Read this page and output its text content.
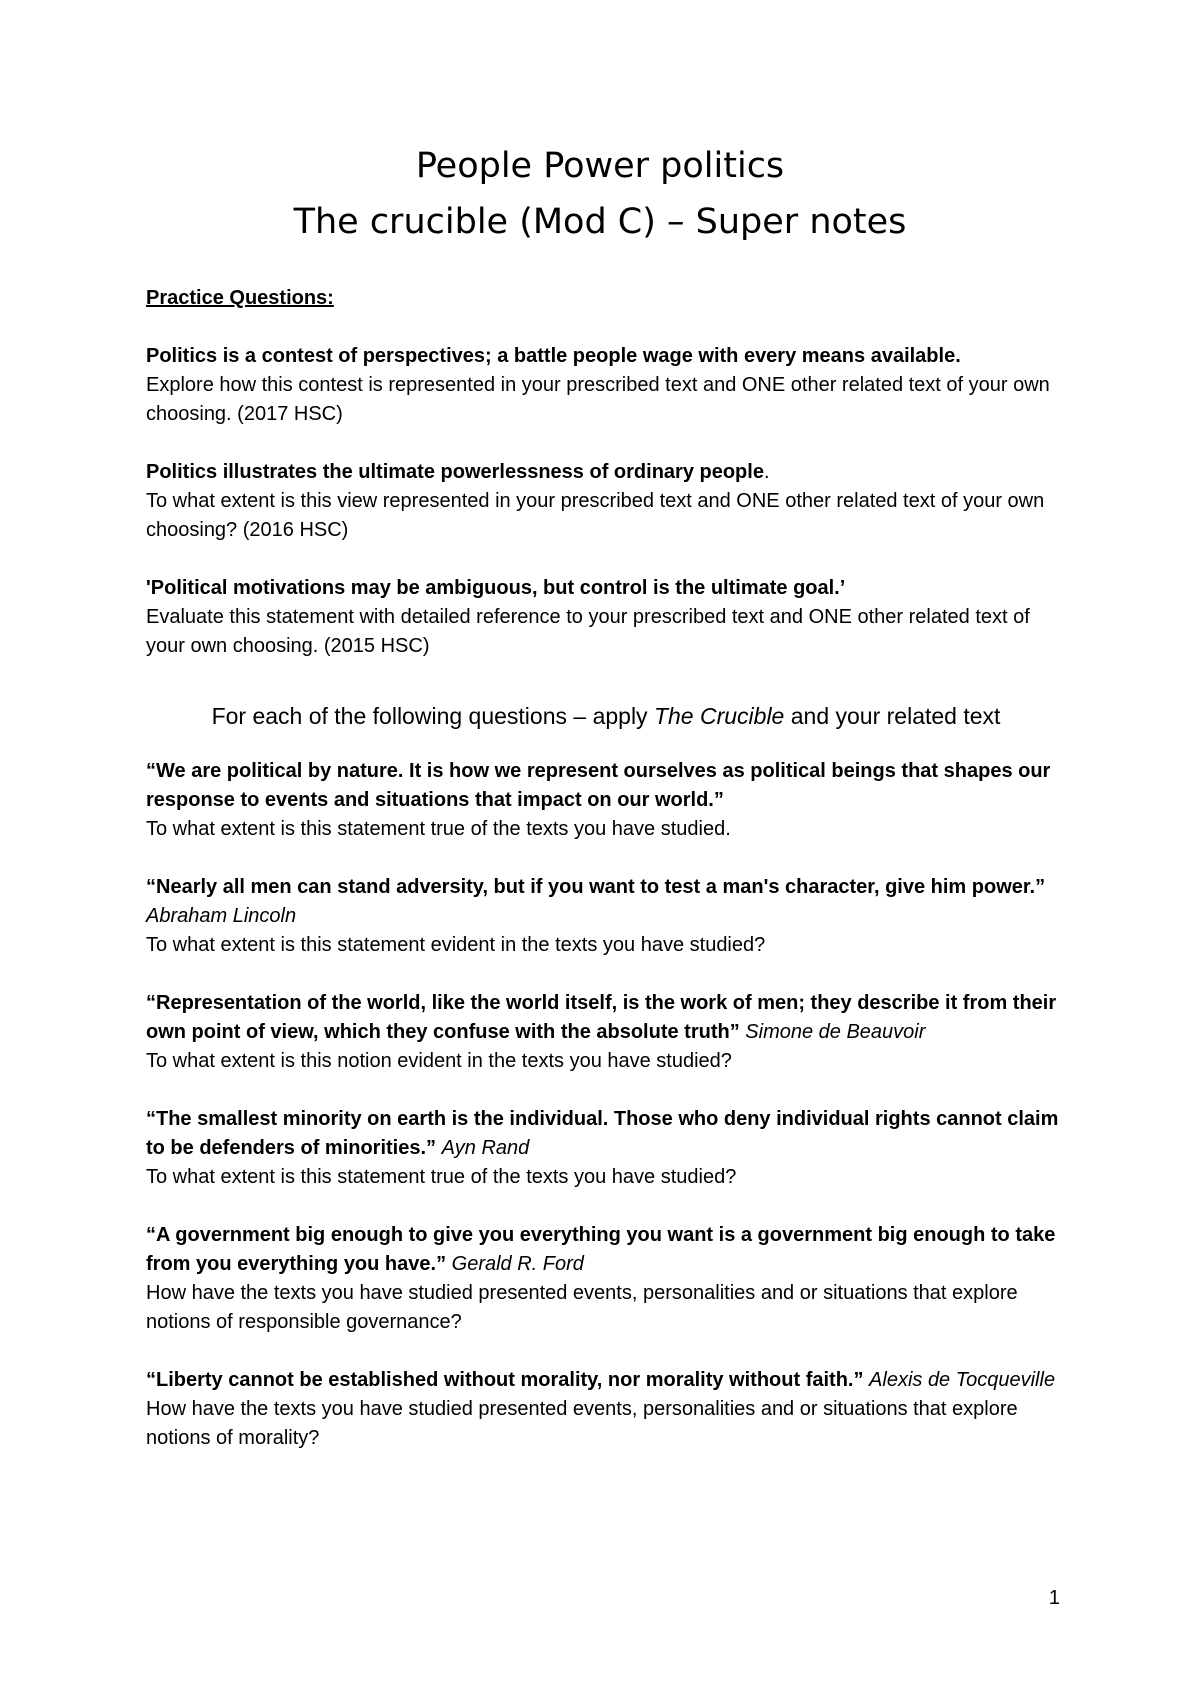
People Power politics
The crucible (Mod C) – Super notes
Practice Questions:
Politics is a contest of perspectives; a battle people wage with every means available.
Explore how this contest is represented in your prescribed text and ONE other related text of your own choosing. (2017 HSC)
Politics illustrates the ultimate powerlessness of ordinary people.
To what extent is this view represented in your prescribed text and ONE other related text of your own choosing? (2016 HSC)
'Political motivations may be ambiguous, but control is the ultimate goal.’
Evaluate this statement with detailed reference to your prescribed text and ONE other related text of your own choosing. (2015 HSC)
For each of the following questions – apply The Crucible and your related text
“We are political by nature. It is how we represent ourselves as political beings that shapes our response to events and situations that impact on our world.”
To what extent is this statement true of the texts you have studied.
“Nearly all men can stand adversity, but if you want to test a man's character, give him power.” Abraham Lincoln
To what extent is this statement evident in the texts you have studied?
“Representation of the world, like the world itself, is the work of men; they describe it from their own point of view, which they confuse with the absolute truth” Simone de Beauvoir
To what extent is this notion evident in the texts you have studied?
“The smallest minority on earth is the individual. Those who deny individual rights cannot claim to be defenders of minorities.” Ayn Rand
To what extent is this statement true of the texts you have studied?
“A government big enough to give you everything you want is a government big enough to take from you everything you have.” Gerald R. Ford
How have the texts you have studied presented events, personalities and or situations that explore notions of responsible governance?
“Liberty cannot be established without morality, nor morality without faith.” Alexis de Tocqueville
How have the texts you have studied presented events, personalities and or situations that explore notions of morality?
1
